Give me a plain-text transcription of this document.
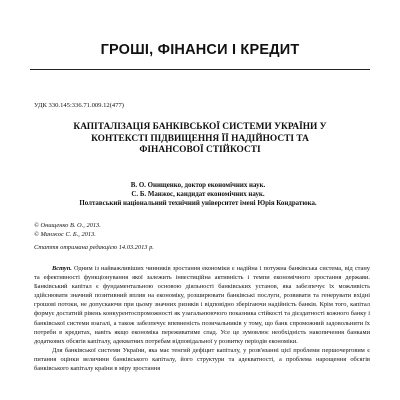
ГРОШІ, ФІНАНСИ І КРЕДИТ
УДК 330.145:336.71.009.12(477)
КАПІТАЛІЗАЦІЯ БАНКІВСЬКОЇ СИСТЕМИ УКРАЇНИ У
КОНТЕКСТІ ПІДВИЩЕННЯ ЇЇ НАДІЙНОСТІ ТА
ФІНАНСОВОЇ СТІЙКОСТІ
В. О. Онищенко, доктор економічних наук.
С. Б. Манжос, кандидат економічних наук.
Полтавський національний технічний університет імені Юрія Кондратюка.
© Онищенко В. О., 2013.
© Манжос С. Б., 2013.
Стаття отримана редакцією 14.03.2013 р.

Вступ. Одним із найважливіших чинників зростання економіки є надійна і потужна банківська система, від стану та ефективності функціонування якої залежить інвестиційна активність і темпи економічного зростання держави. Банківський капітал є фундаментальною основою діяльності банківських установ, яка забезпечує їх можливість здійснювати значний позитивний вплив на економіку, розширювати банківські послуги, розвивати та генерувати вхідні грошові потоки, не допускаючи при цьому значних ризиків і відповідно зберігаючи надійність банків. Крім того, капітал формує достатній рівень конкурентоспроможності як узагальнюючого показника стійкості та дієздатності кожного банку і банківської системи взагалі, а також забезпечує впевненість позичальників у тому, що банк спроможний задовольнити їх потреби в кредитах, навіть якщо економіка переживатиме спад. Усе це зумовлює необхідність накопичення банками додаткових обсягів капіталу, адекватних потребам відповідальної у розвитку періодів економіки.

Для банківської системи України, яка має тенгий дефіцит капіталу, у розв'язанні цієї проблеми першочерговим є питання оцінки величини банківського капіталу, його структури та адекватності, а проблема нарощення обсягів банківського капіталу країни в міру зростання
